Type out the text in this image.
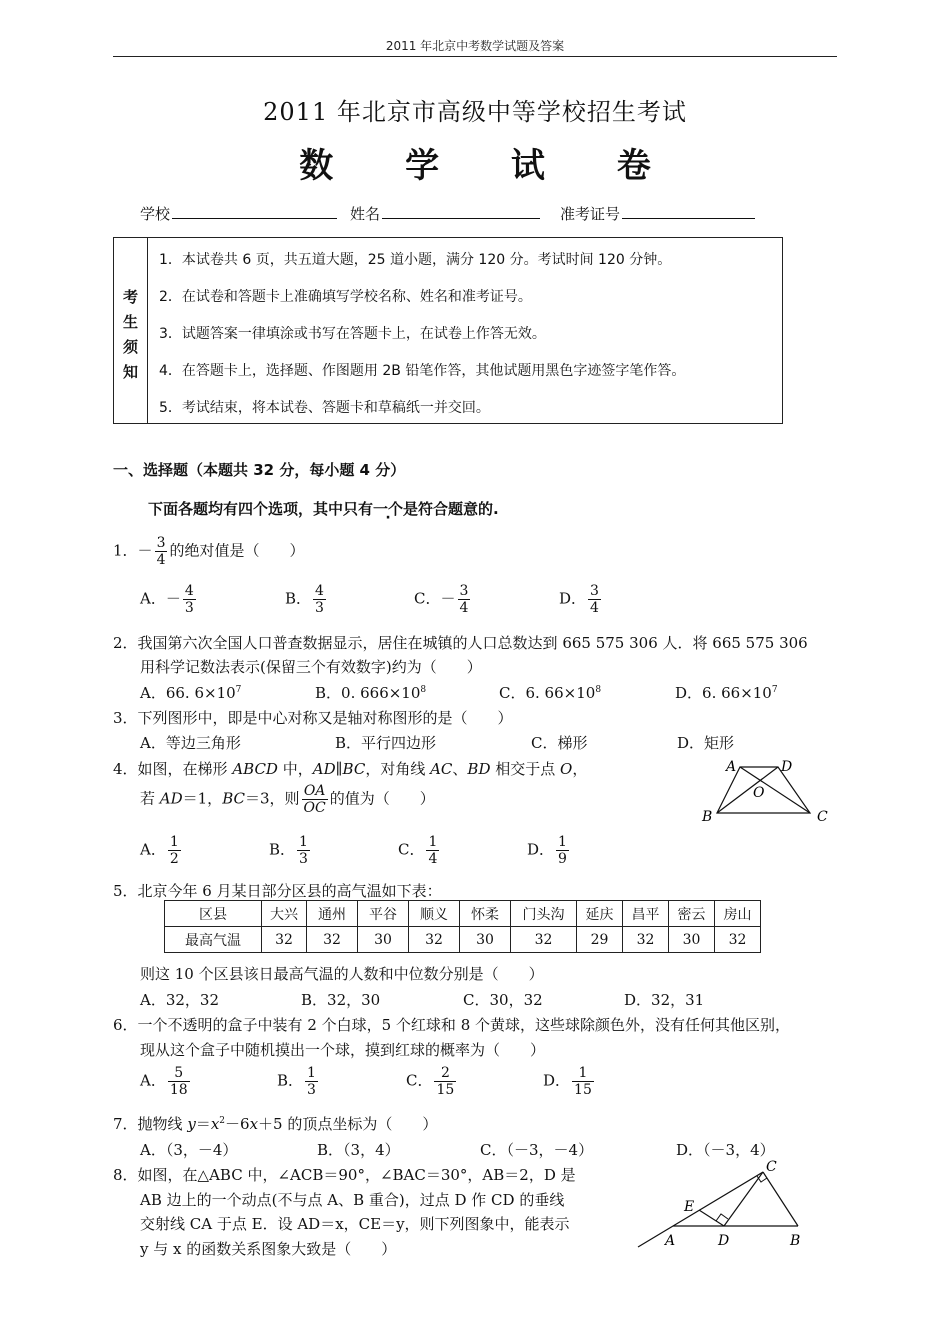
2011 年北京中考数学试题及答案
2011 年北京市高级中等学校招生考试
数 学 试 卷
学校	姓名	准考证号
考
生
须
知
1．本试卷共 6 页，共五道大题，25 道小题，满分 120 分。考试时间 120 分钟。
2．在试卷和答题卡上准确填写学校名称、姓名和准考证号。
3．试题答案一律填涂或书写在答题卡上，在试卷上作答无效。
4．在答题卡上，选择题、作图题用 2B 铅笔作答，其他试题用黑色字迹签字笔作答。
5．考试结束，将本试卷、答题卡和草稿纸一并交回。
一、选择题（本题共 32 分，每小题 4 分）
下面各题均有四个选项，其中只有一个是符合题意的.
1．－ $\frac{3}{4}$ 的绝对值是（　　）
A．－ $\frac{4}{3}$	B． $\frac{4}{3}$	C．－ $\frac{3}{4}$	D． $\frac{3}{4}$
2．我国第六次全国人口普查数据显示，居住在城镇的人口总数达到 665 575 306 人．将 665 575 306
用科学记数法表示(保留三个有效数字)约为（　　）
A．66. $6\times 10^7$	B．0. $666\times 10^8$	C．6. $66\times 10^8$	D．6. $66\times 10^7$
3．下列图形中，即是中心对称又是轴对称图形的是（　　）
A．等边三角形	B．平行四边形	C．梯形	D．矩形
4．如图，在梯形 ABCD 中，AD∥BC，对角线 AC、BD 相交于点 O，
若 AD＝1，BC＝3，则 $\frac{OA}{OC}$ 的值为（　　）
A	D
O
B	C
A． $\frac{1}{2}$	B． $\frac{1}{3}$	C． $\frac{1}{4}$	D． $\frac{1}{9}$
5．北京今年 6 月某日部分区县的高气温如下表：
区县	大兴	通州	平谷	顺义	怀柔	门头沟	延庆	昌平	密云	房山
最高气温	32	32	30	32	30	32	29	32	30	32
则这 10 个区县该日最高气温的人数和中位数分别是（　　）
A．32，32	B．32，30	C．30，32	D．32，31
6．一个不透明的盒子中装有 2 个白球，5 个红球和 8 个黄球，这些球除颜色外，没有任何其他区别，
现从这个盒子中随机摸出一个球，摸到红球的概率为（　　）
A． $\frac{5}{18}$	B． $\frac{1}{3}$	C． $\frac{2}{15}$	D． $\frac{1}{15}$
7．抛物线 $y=x^2-6x+5$ 的顶点坐标为（　　）
A．（3，－4）	B．（3，4）	C．（－3，－4）	D．（－3，4）
8．如图，在△ABC 中，∠ACB＝90°，∠BAC＝30°，AB＝2，D 是
AB 边上的一个动点(不与点 A、B 重合)，过点 D 作 CD 的垂线
交射线 CA 于点 E．设 AD＝x，CE＝y，则下列图象中，能表示
y 与 x 的函数关系图象大致是（　　）
C
E
A	D	B
